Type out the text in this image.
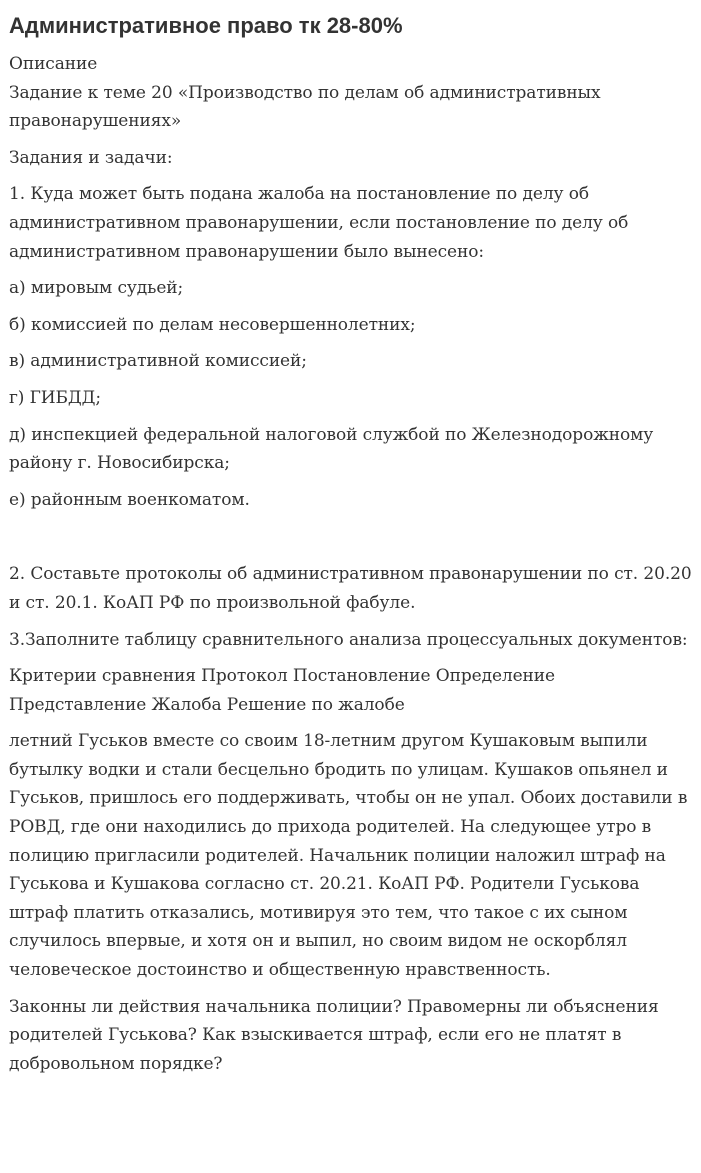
Административное право тк 28-80%

Описание

Задание к теме 20 «Производство по делам об административных правонарушениях»

Задания и задачи:

1. Куда может быть подана жалоба на постановление по делу об административном правонарушении, если постановление по делу об административном правонарушении было вынесено:

а) мировым судьей;

б) комиссией по делам несовершеннолетних;

в) административной комиссией;

г) ГИБДД;

д) инспекцией федеральной налоговой службой по Железнодорожному району г. Новосибирска;

е) районным военкоматом.

2. Составьте протоколы об административном правонарушении по ст. 20.20 и ст. 20.1. КоАП РФ по произвольной фабуле.

3.Заполните таблицу сравнительного анализа процессуальных документов:

Критерии сравнения Протокол Постановление Определение Представление Жалоба Решение по жалобе

летний Гуськов вместе со своим 18-летним другом Кушаковым выпили бутылку водки и стали бесцельно бродить по улицам. Кушаков опьянел и Гуськов, пришлось его поддерживать, чтобы он не упал. Обоих доставили в РОВД, где они находились до прихода родителей. На следующее утро в полицию пригласили родителей. Начальник полиции наложил штраф на Гуськова и Кушакова согласно ст. 20.21. КоАП РФ. Родители Гуськова штраф платить отказались, мотивируя это тем, что такое с их сыном случилось впервые, и хотя он и выпил, но своим видом не оскорблял человеческое достоинство и общественную нравственность.

Законны ли действия начальника полиции? Правомерны ли объяснения родителей Гуськова? Как взыскивается штраф, если его не платят в добровольном порядке?
